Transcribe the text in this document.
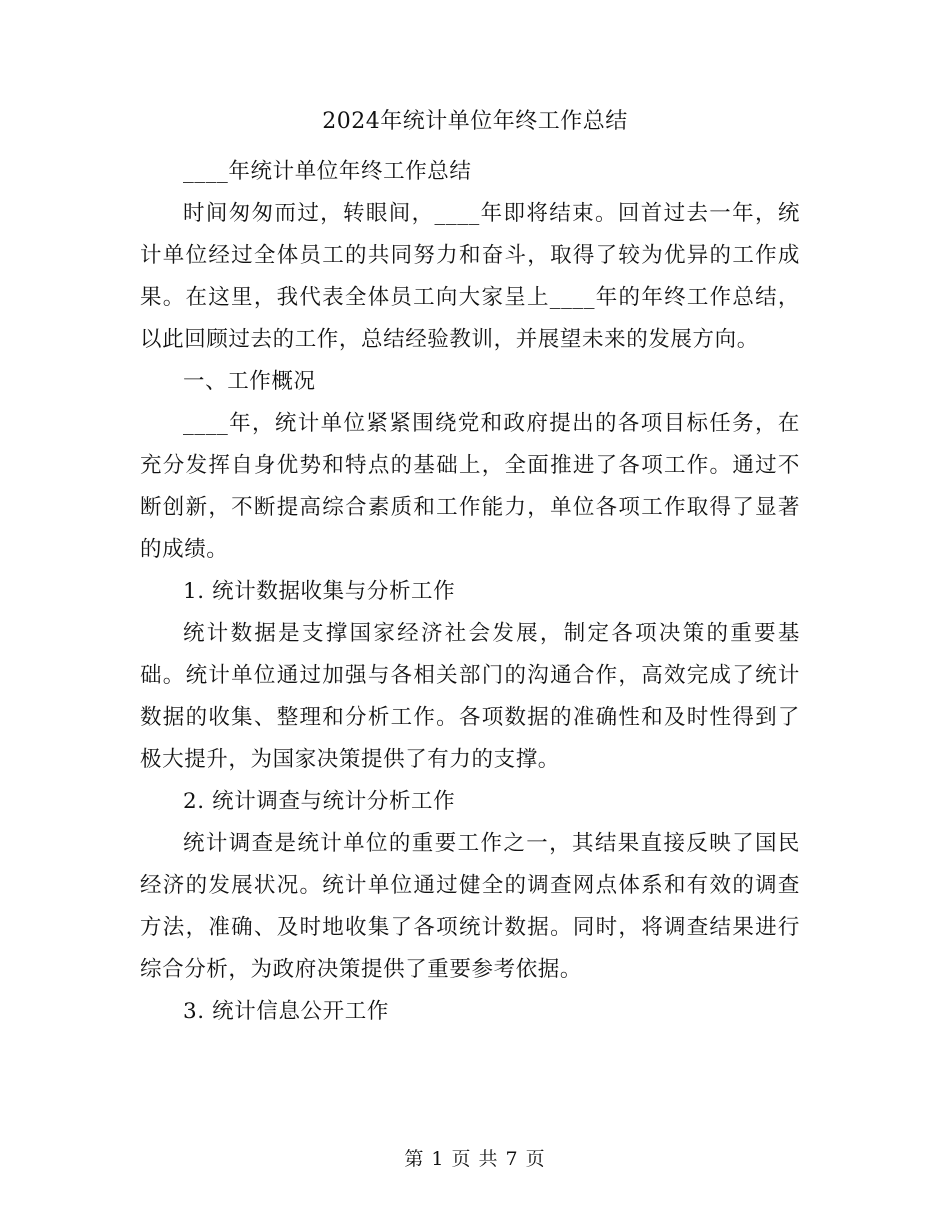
2024年统计单位年终工作总结

____年统计单位年终工作总结

时间匆匆而过，转眼间，____年即将结束。回首过去一年，统计单位经过全体员工的共同努力和奋斗，取得了较为优异的工作成果。在这里，我代表全体员工向大家呈上____年的年终工作总结，以此回顾过去的工作，总结经验教训，并展望未来的发展方向。

一、工作概况

____年，统计单位紧紧围绕党和政府提出的各项目标任务，在充分发挥自身优势和特点的基础上，全面推进了各项工作。通过不断创新，不断提高综合素质和工作能力，单位各项工作取得了显著的成绩。

1. 统计数据收集与分析工作

统计数据是支撑国家经济社会发展，制定各项决策的重要基础。统计单位通过加强与各相关部门的沟通合作，高效完成了统计数据的收集、整理和分析工作。各项数据的准确性和及时性得到了极大提升，为国家决策提供了有力的支撑。

2. 统计调查与统计分析工作

统计调查是统计单位的重要工作之一，其结果直接反映了国民经济的发展状况。统计单位通过健全的调查网点体系和有效的调查方法，准确、及时地收集了各项统计数据。同时，将调查结果进行综合分析，为政府决策提供了重要参考依据。

3. 统计信息公开工作

第 1 页 共 7 页
